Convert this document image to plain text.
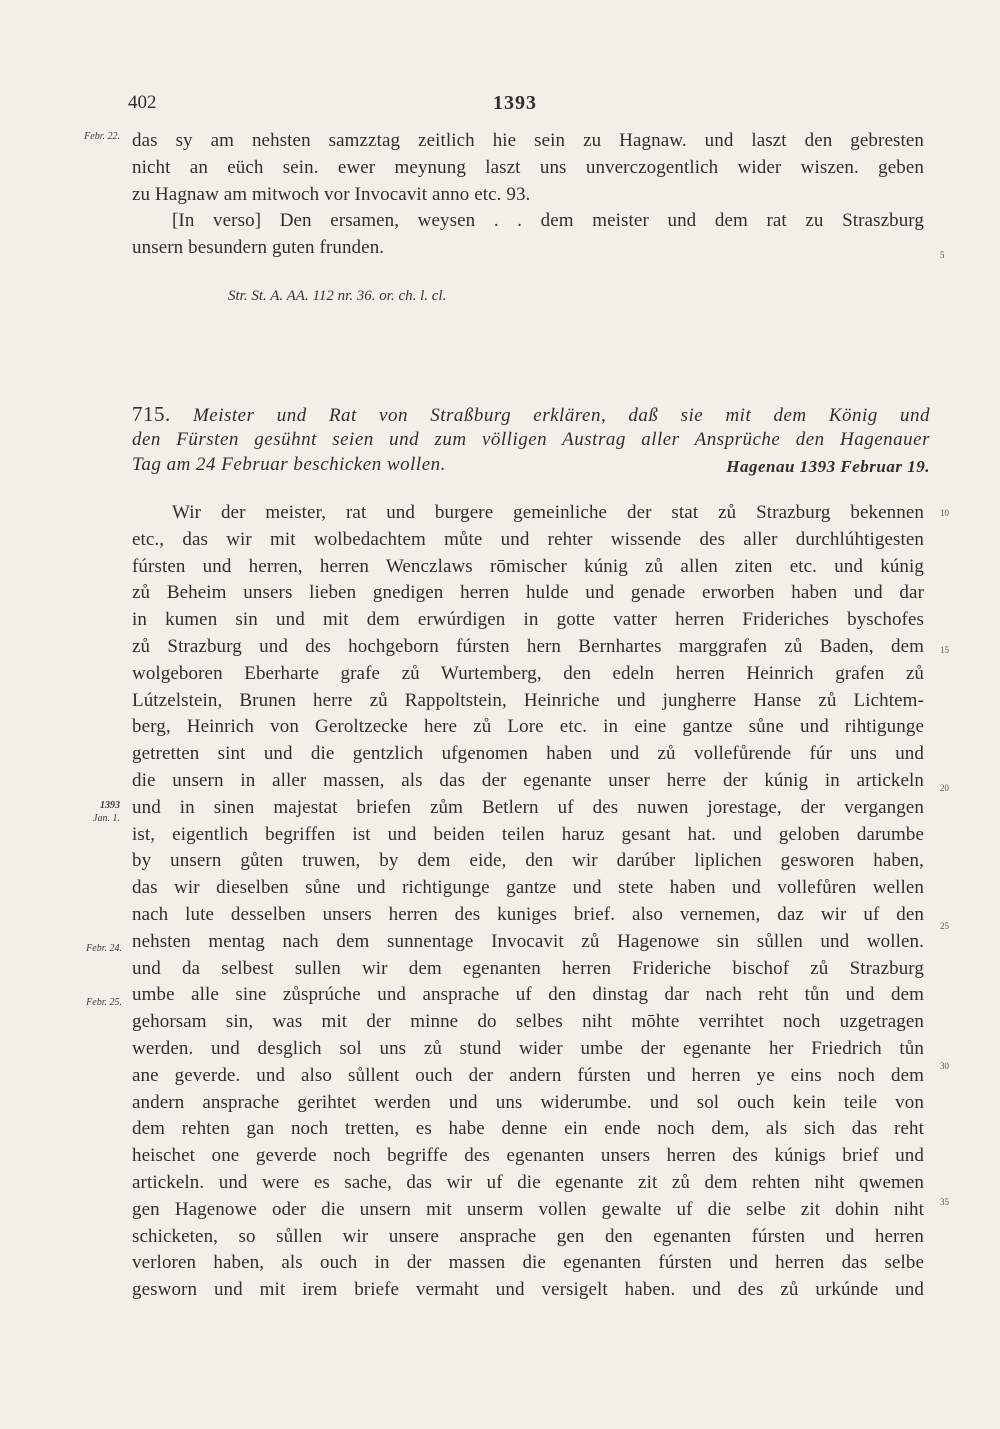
402	1393
Febr. 22.
1393
Jan. 1.
Febr. 24.
Febr. 25.
5
10
15
20
25
30
35
das sy am nehsten samzztag zeitlich hie sein zu Hagnaw. und laszt den gebresten
nicht an eüch sein. ewer meynung laszt uns unverczogentlich wider wiszen. geben
zu Hagnaw am mitwoch vor Invocavit anno etc. 93.
[In verso] Den ersamen, weysen . . dem meister und dem rat zu Straszburg
unsern besundern guten frunden.
Str. St. A. AA. 112 nr. 36. or. ch. l. cl.
715. Meister und Rat von Straßburg erklären, daß sie mit dem König und
den Fürsten gesühnt seien und zum völligen Austrag aller Ansprüche den Hagenauer
Tag am 24 Februar beschicken wollen.	Hagenau 1393 Februar 19.
Wir der meister, rat und burgere gemeinliche der stat zů Strazburg bekennen
etc., das wir mit wolbedachtem můte und rehter wissende des aller durchlúhtigesten
fúrsten und herren, herren Wenczlaws rōmischer kúnig zů allen ziten etc. und kúnig
zů Beheim unsers lieben gnedigen herren hulde und genade erworben haben und dar
in kumen sin und mit dem erwúrdigen in gotte vatter herren Frideriches byschofes
zů Strazburg und des hochgeborn fúrsten hern Bernhartes marggrafen zů Baden, dem
wolgeboren Eberharte grafe zů Wurtemberg, den edeln herren Heinrich grafen zů
Lútzelstein, Brunen herre zů Rappoltstein, Heinriche und jungherre Hanse zů Lichtem-
berg, Heinrich von Geroltzecke here zů Lore etc. in eine gantze sůne und rihtigunge
getretten sint und die gentzlich ufgenomen haben und zů vollefůrende fúr uns und
die unsern in aller massen, als das der egenante unser herre der kúnig in artickeln
und in sinen majestat briefen zům Betlern uf des nuwen jorestage, der vergangen
ist, eigentlich begriffen ist und beiden teilen haruz gesant hat. und geloben darumbe
by unsern gůten truwen, by dem eide, den wir darúber liplichen gesworen haben,
das wir dieselben sůne und richtigunge gantze und stete haben und vollefůren wellen
nach lute desselben unsers herren des kuniges brief. also vernemen, daz wir uf den
nehsten mentag nach dem sunnentage Invocavit zů Hagenowe sin sůllen und wollen.
und da selbest sullen wir dem egenanten herren Frideriche bischof zů Strazburg
umbe alle sine zůsprúche und ansprache uf den dinstag dar nach reht tůn und dem
gehorsam sin, was mit der minne do selbes niht mōhte verrihtet noch uzgetragen
werden. und desglich sol uns zů stund wider umbe der egenante her Friedrich tůn
ane geverde. und also sůllent ouch der andern fúrsten und herren ye eins noch dem
andern ansprache gerihtet werden und uns widerumbe. und sol ouch kein teile von
dem rehten gan noch tretten, es habe denne ein ende noch dem, als sich das reht
heischet one geverde noch begriffe des egenanten unsers herren des kúnigs brief und
artickeln. und were es sache, das wir uf die egenante zit zů dem rehten niht qwemen
gen Hagenowe oder die unsern mit unserm vollen gewalte uf die selbe zit dohin niht
schicketen, so sůllen wir unsere ansprache gen den egenanten fúrsten und herren
verloren haben, als ouch in der massen die egenanten fúrsten und herren das selbe
gesworn und mit irem briefe vermaht und versigelt haben. und des zů urkúnde und
